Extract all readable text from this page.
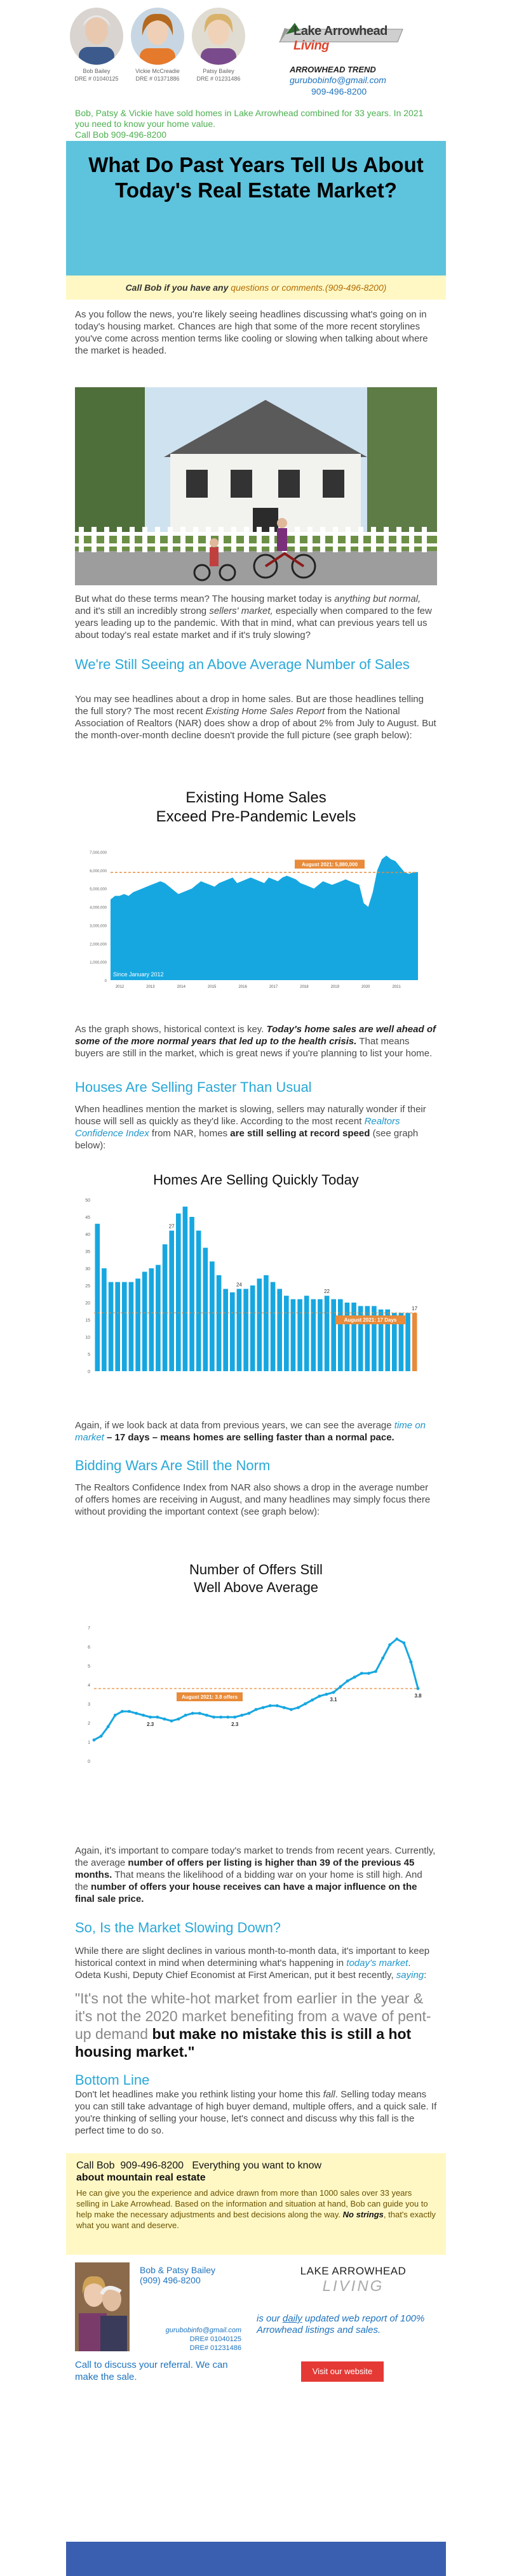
Bob Bailey
DRE # 01040125
Vickie McCreadie
DRE # 01371886
Patsy Bailey
DRE # 01231486
Lake Arrowhead Living
ARROWHEAD TREND
gurubobinfo@gmail.com
909-496-8200
Bob, Patsy & Vickie have sold homes in Lake Arrowhead combined for 33 years. In 2021 you need to know your home value.
Call Bob 909-496-8200
What Do Past Years Tell Us About Today's Real Estate Market?
Call Bob if you have any questions or comments.(909-496-8200)

As you follow the news, you're likely seeing headlines discussing what's going on in today's housing market. Chances are high that some of the more recent storylines you've come across mention terms like cooling or slowing when talking about where the market is headed.

But what do these terms mean? The housing market today is anything but normal, and it's still an incredibly strong sellers' market, especially when compared to the few years leading up to the pandemic. With that in mind, what can previous years tell us about today's real estate market and if it's truly slowing?

We're Still Seeing an Above Average Number of Sales

You may see headlines about a drop in home sales. But are those headlines telling the full story? The most recent Existing Home Sales Report from the National Association of Realtors (NAR) does show a drop of about 2% from July to August. But the month-over-month decline doesn't provide the full picture (see graph below):

Existing Home Sales
Exceed Pre-Pandemic Levels
0
1,000,000
2,000,000
3,000,000
4,000,000
5,000,000
6,000,000
7,000,000
August 2021: 5,880,000
Since January 2012
2012	2013	2014	2015	2016	2017	2018	2019	2020	2021

As the graph shows, historical context is key. Today's home sales are well ahead of some of the more normal years that led up to the health crisis. That means buyers are still in the market, which is great news if you're planning to list your home.

Houses Are Selling Faster Than Usual

When headlines mention the market is slowing, sellers may naturally wonder if their house will sell as quickly as they'd like. According to the most recent Realtors Confidence Index from NAR, homes are still selling at record speed (see graph below):

Homes Are Selling Quickly Today
0
5
10
15
20
25
30
35
40
45
50
27
24
22
17
August 2021: 17 Days

Again, if we look back at data from previous years, we can see the average time on market – 17 days – means homes are selling faster than a normal pace.

Bidding Wars Are Still the Norm

The Realtors Confidence Index from NAR also shows a drop in the average number of offers homes are receiving in August, and many headlines may simply focus there without providing the important context (see graph below):

Number of Offers Still
Well Above Average
0
1
2
3
4
5
6
7
2.3	2.3
3.1
3.8
August 2021: 3.8 offers

Again, it's important to compare today's market to trends from recent years. Currently, the average number of offers per listing is higher than 39 of the previous 45 months. That means the likelihood of a bidding war on your home is still high. And the number of offers your house receives can have a major influence on the final sale price.

So, Is the Market Slowing Down?

While there are slight declines in various month-to-month data, it's important to keep historical context in mind when determining what's happening in today's market. Odeta Kushi, Deputy Chief Economist at First American, put it best recently, saying:

"It's not the white-hot market from earlier in the year & it's not the 2020 market benefiting from a wave of pent-up demand but make no mistake this is still a hot housing market."
Bottom Line

Don't let headlines make you rethink listing your home this fall. Selling today means you can still take advantage of high buyer demand, multiple offers, and a quick sale. If you're thinking of selling your house, let's connect and discuss why this fall is the perfect time to do so.

Call Bob 909-496-8200 Everything you want to know
about mountain real estate
He can give you the experience and advice drawn from more than 1000 sales over 33 years selling in Lake Arrowhead. Based on the information and situation at hand, Bob can guide you to help make the necessary adjustments and best decisions along the way. No strings, that's exactly what you want and deserve.
Bob & Patsy Bailey
(909) 496-8200
gurubobinfo@gmail.com
DRE# 01040125
DRE# 01231486
Call to discuss your referral. We can make the sale.
LAKE ARROWHEAD
LIVING
is our daily updated web report of 100% Arrowhead listings and sales.
Visit our website
